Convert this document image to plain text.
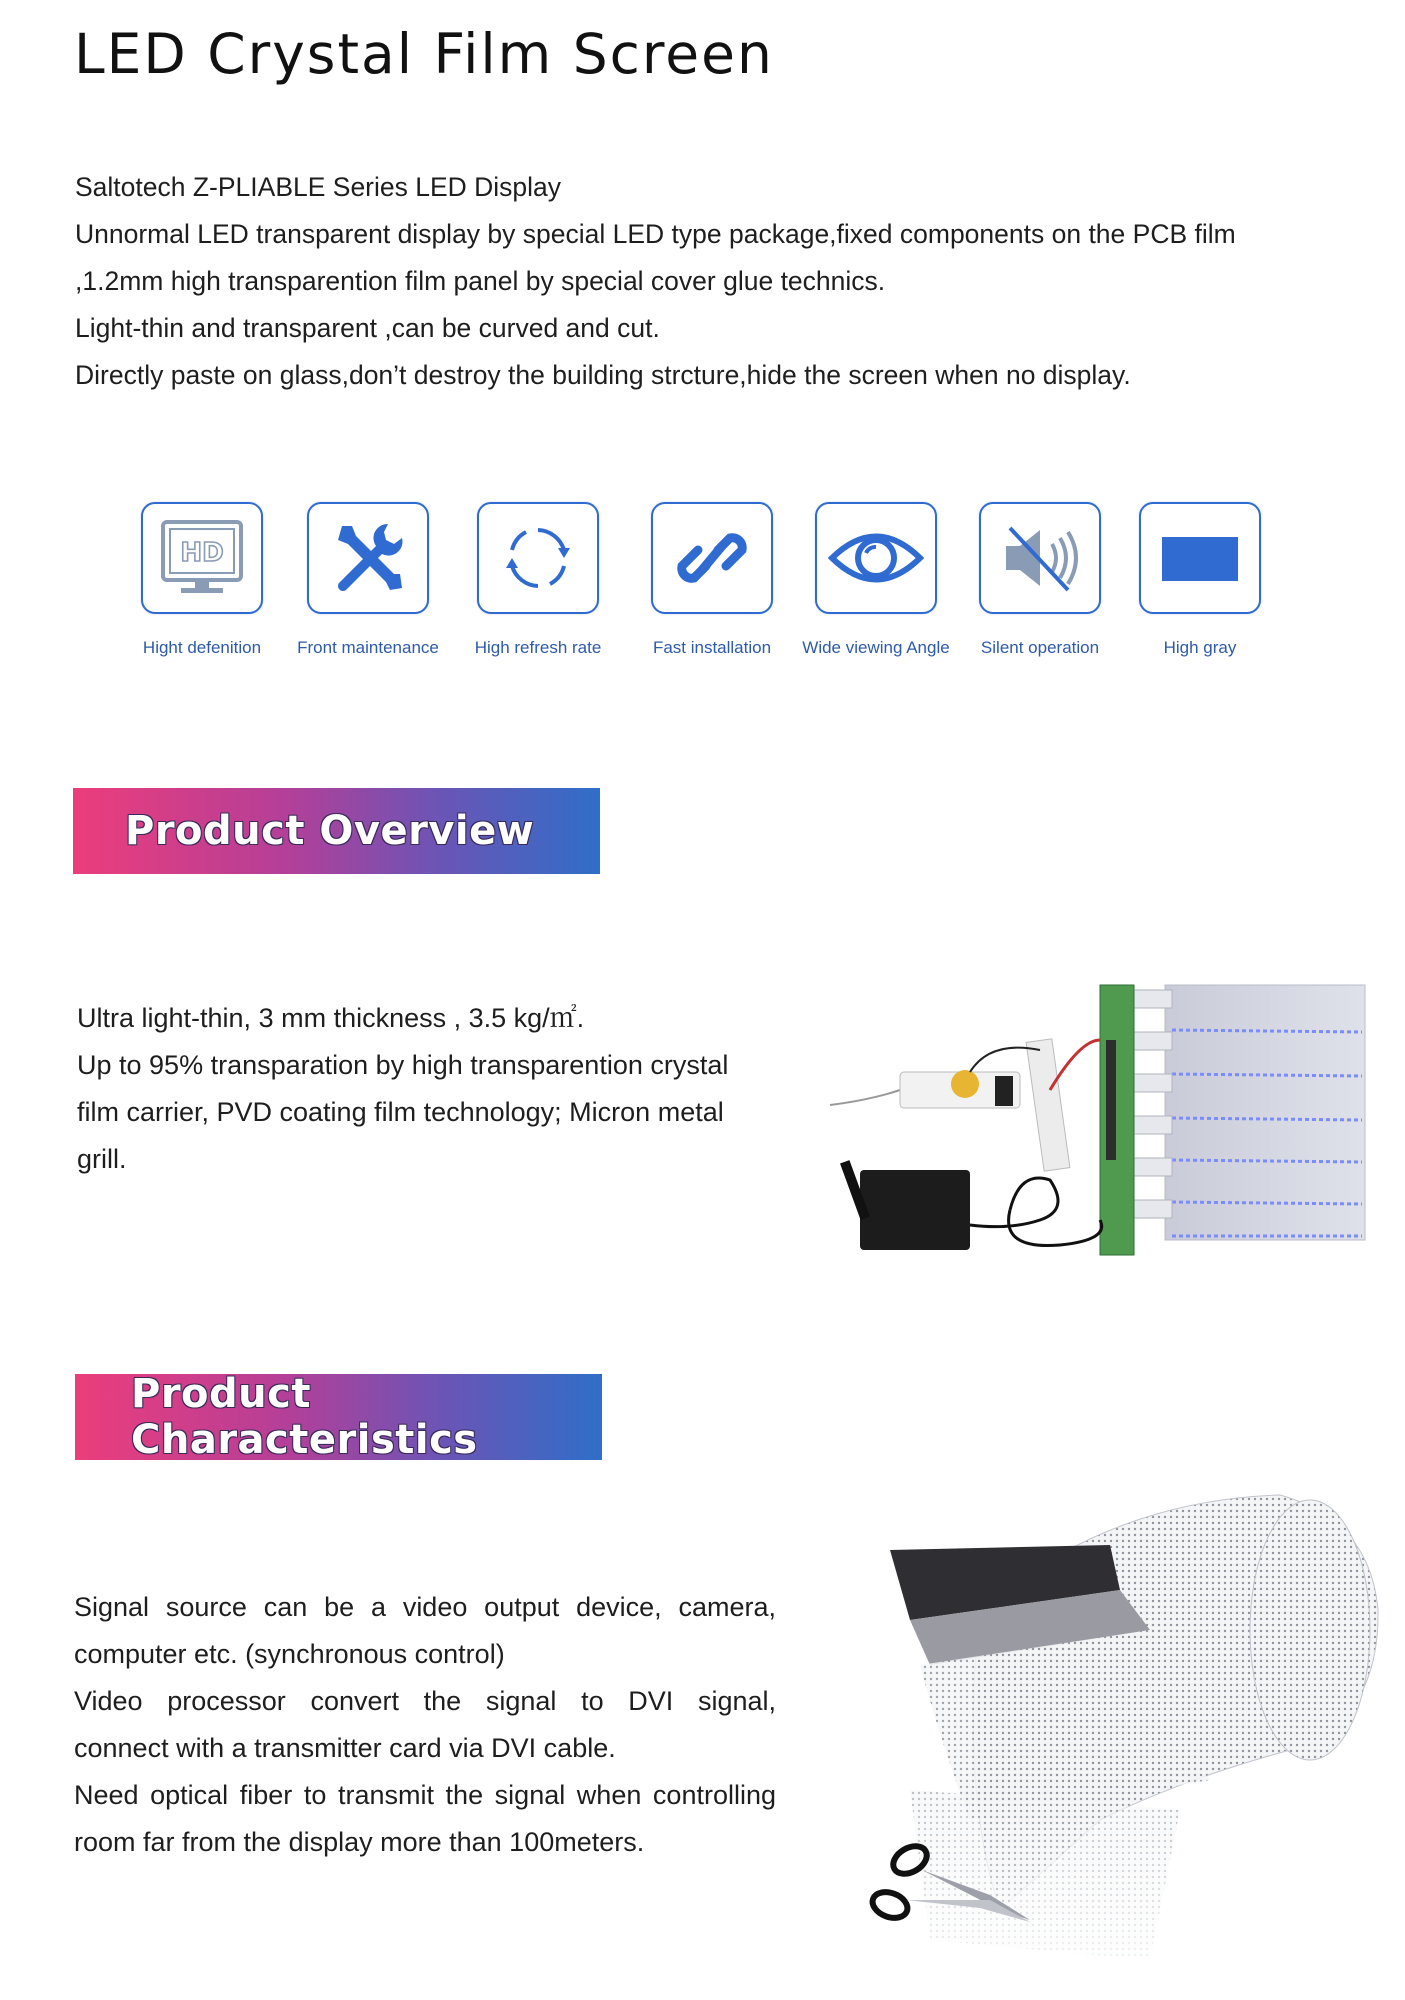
LED Crystal Film Screen
Saltotech Z-PLIABLE Series LED Display
Unnormal LED transparent display by special LED type package,fixed components on the PCB film
,1.2mm high transparention film panel by special cover glue technics.
Light-thin and transparent ,can be curved and cut.
Directly paste on glass,don’t destroy the building strcture,hide the screen when no display.
HD
Hight defenition	Front maintenance	High refresh rate	Fast installation	Wide viewing Angle	Silent operation	High gray
Product Overview
Ultra light-thin, 3 mm thickness , 3.5 kg/㎡.
Up to 95% transparation by high transparention crystal
film carrier, PVD coating film technology; Micron metal
grill.
Product Characteristics
Signal source can be a video output device, camera,
computer etc. (synchronous control)
Video processor convert the signal to DVI signal,
connect with a transmitter card via DVI cable.
Need optical fiber to transmit the signal when controlling
room far from the display more than 100meters.
